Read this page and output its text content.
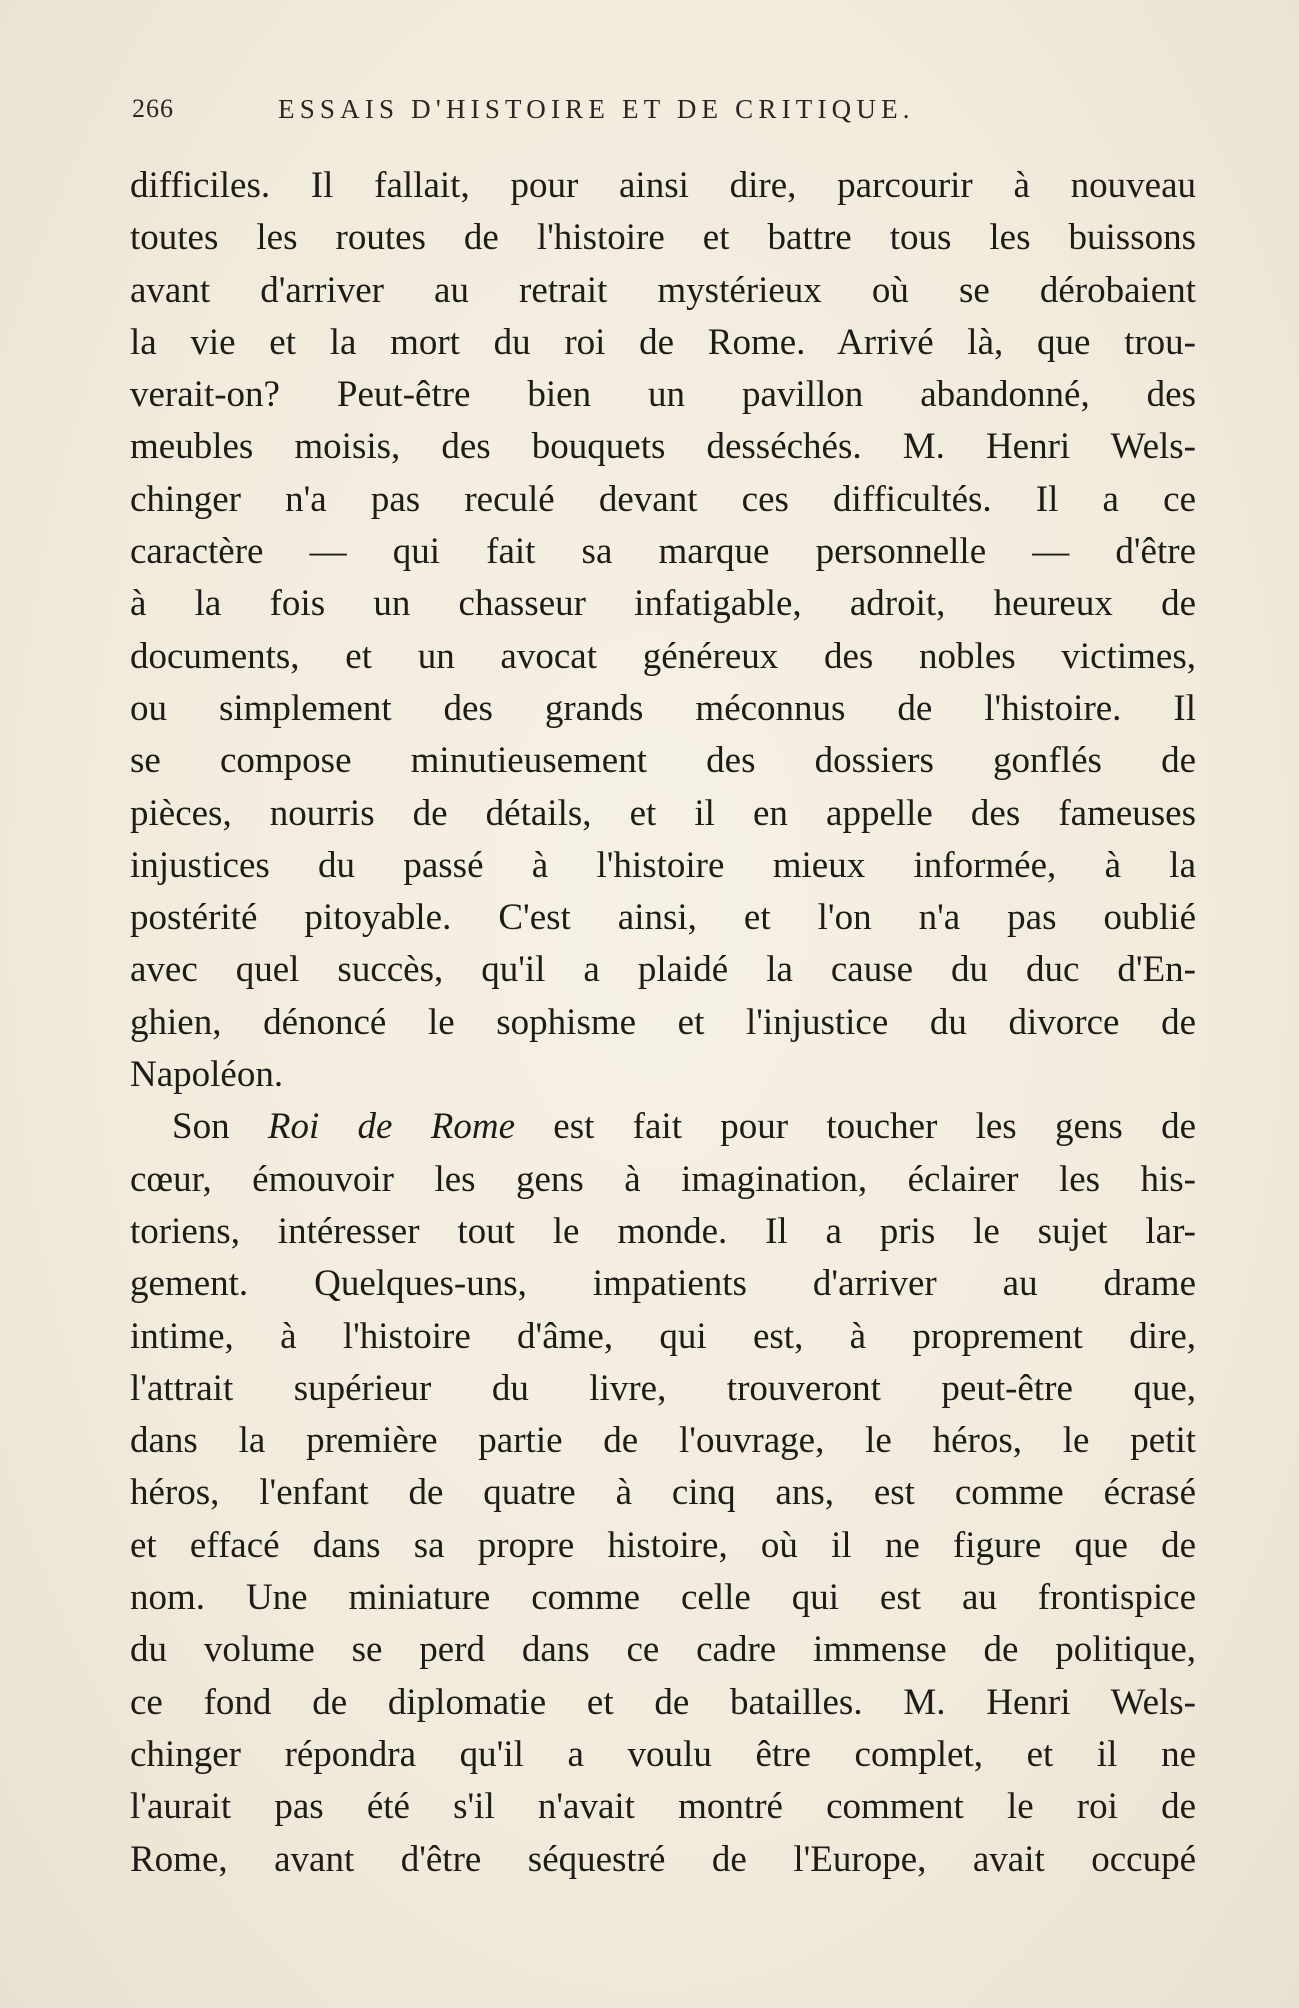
266	ESSAIS D'HISTOIRE ET DE CRITIQUE.
difficiles. Il fallait, pour ainsi dire, parcourir à nouveau
toutes les routes de l'histoire et battre tous les buissons
avant d'arriver au retrait mystérieux où se dérobaient
la vie et la mort du roi de Rome. Arrivé là, que trou-
verait-on? Peut-être bien un pavillon abandonné, des
meubles moisis, des bouquets desséchés. M. Henri Wels-
chinger n'a pas reculé devant ces difficultés. Il a ce
caractère — qui fait sa marque personnelle — d'être
à la fois un chasseur infatigable, adroit, heureux de
documents, et un avocat généreux des nobles victimes,
ou simplement des grands méconnus de l'histoire. Il
se compose minutieusement des dossiers gonflés de
pièces, nourris de détails, et il en appelle des fameuses
injustices du passé à l'histoire mieux informée, à la
postérité pitoyable. C'est ainsi, et l'on n'a pas oublié
avec quel succès, qu'il a plaidé la cause du duc d'En-
ghien, dénoncé le sophisme et l'injustice du divorce de
Napoléon.
Son Roi de Rome est fait pour toucher les gens de
cœur, émouvoir les gens à imagination, éclairer les his-
toriens, intéresser tout le monde. Il a pris le sujet lar-
gement. Quelques-uns, impatients d'arriver au drame
intime, à l'histoire d'âme, qui est, à proprement dire,
l'attrait supérieur du livre, trouveront peut-être que,
dans la première partie de l'ouvrage, le héros, le petit
héros, l'enfant de quatre à cinq ans, est comme écrasé
et effacé dans sa propre histoire, où il ne figure que de
nom. Une miniature comme celle qui est au frontispice
du volume se perd dans ce cadre immense de politique,
ce fond de diplomatie et de batailles. M. Henri Wels-
chinger répondra qu'il a voulu être complet, et il ne
l'aurait pas été s'il n'avait montré comment le roi de
Rome, avant d'être séquestré de l'Europe, avait occupé
